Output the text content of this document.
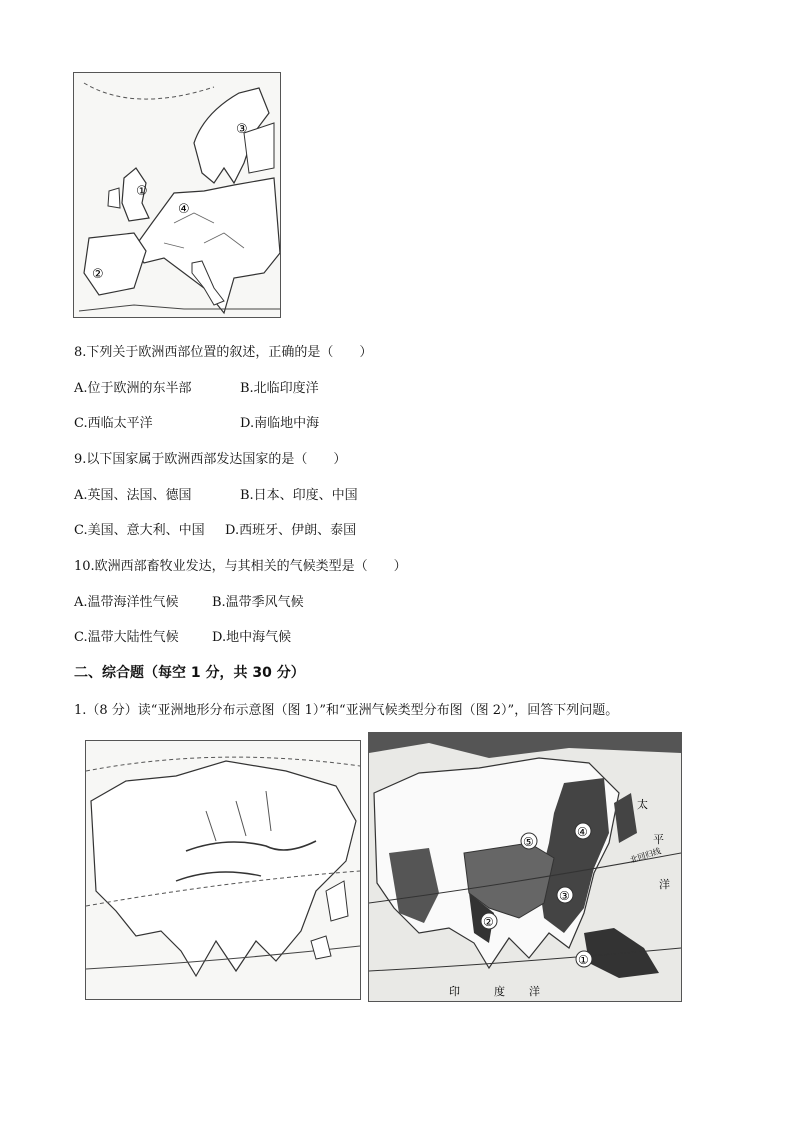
①
②
③
④
8.下列关于欧洲西部位置的叙述，正确的是（　　）
A.位于欧洲的东半部	B.北临印度洋
C.西临太平洋	D.南临地中海
9.以下国家属于欧洲西部发达国家的是（　　）
A.英国、法国、德国	B.日本、印度、中国
C.美国、意大利、中国 D.西班牙、伊朗、泰国
10.欧洲西部畜牧业发达，与其相关的气候类型是（　　）
A.温带海洋性气候	B.温带季风气候
C.温带大陆性气候	D.地中海气候
二、综合题（每空 1 分，共 30 分）
1.（8 分）读“亚洲地形分布示意图（图 1）”和“亚洲气候类型分布图（图 2）”，回答下列问题。
①
②
③
④
⑤
太
平
洋
印	度 洋
北回归线
